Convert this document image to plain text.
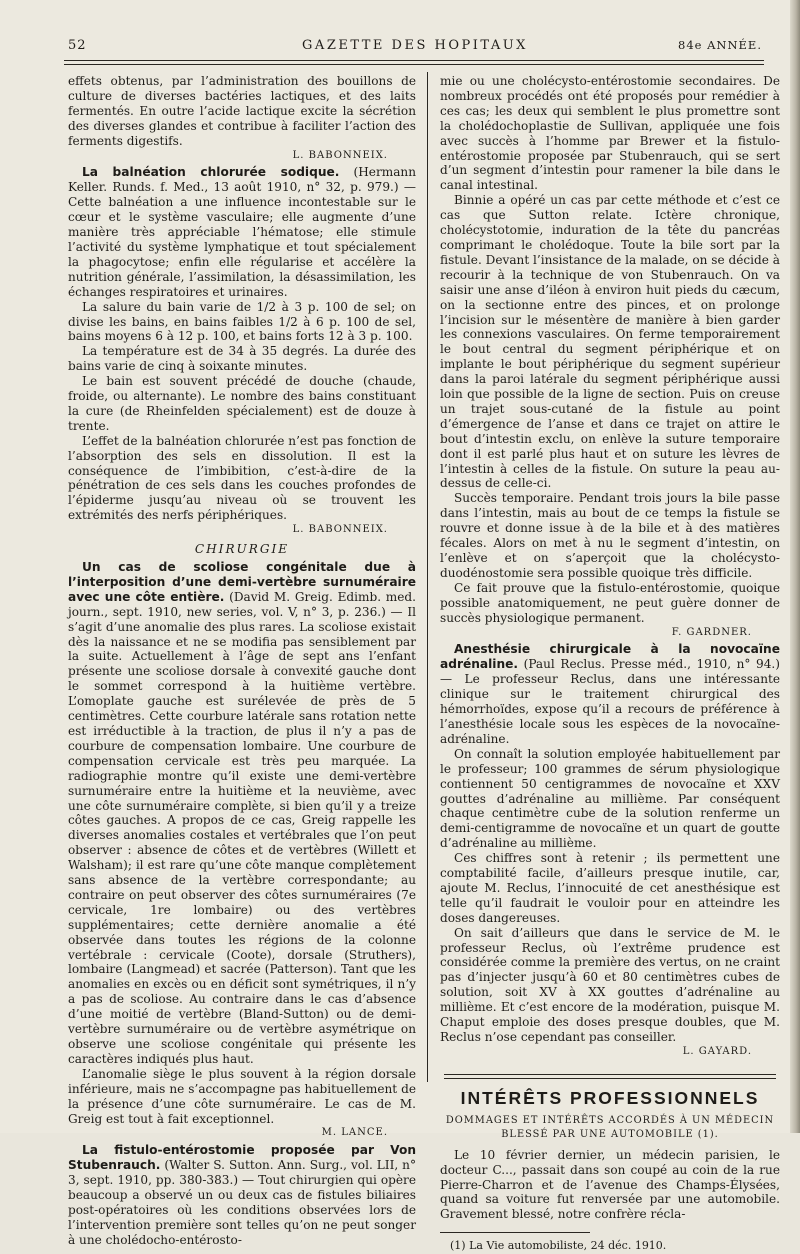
52	GAZETTE DES HOPITAUX	84e ANNÉE.

effets obtenus, par l’administration des bouillons de culture de diverses bactéries lactiques, et des laits fermentés. En outre l’acide lactique excite la sécrétion des diverses glandes et contribue à faciliter l’action des ferments digestifs.

L. BABONNEIX.

La balnéation chlorurée sodique. (Hermann Keller. Runds. f. Med., 13 août 1910, n° 32, p. 979.) — Cette balnéation a une influence incontestable sur le cœur et le système vasculaire; elle augmente d’une manière très appréciable l’hématose; elle stimule l’activité du système lymphatique et tout spécialement la phagocytose; enfin elle régularise et accélère la nutrition générale, l’assimilation, la désassimilation, les échanges respiratoires et urinaires.

La salure du bain varie de 1/2 à 3 p. 100 de sel; on divise les bains, en bains faibles 1/2 à 6 p. 100 de sel, bains moyens 6 à 12 p. 100, et bains forts 12 à 3 p. 100.

La température est de 34 à 35 degrés. La durée des bains varie de cinq à soixante minutes.

Le bain est souvent précédé de douche (chaude, froide, ou alternante). Le nombre des bains constituant la cure (de Rheinfelden spécialement) est de douze à trente.

L’effet de la balnéation chlorurée n’est pas fonction de l’absorption des sels en dissolution. Il est la conséquence de l’imbibition, c’est-à-dire de la pénétration de ces sels dans les couches profondes de l’épiderme jusqu’au niveau où se trouvent les extrémités des nerfs périphériques.

L. BABONNEIX.
CHIRURGIE

Un cas de scoliose congénitale due à l’interposition d’une demi-vertèbre surnuméraire avec une côte entière. (David M. Greig. Edimb. med. journ., sept. 1910, new series, vol. V, n° 3, p. 236.) — Il s’agit d’une anomalie des plus rares. La scoliose existait dès la naissance et ne se modifia pas sensiblement par la suite. Actuellement à l’âge de sept ans l’enfant présente une scoliose dorsale à convexité gauche dont le sommet correspond à la huitième vertèbre. L’omoplate gauche est surélevée de près de 5 centimètres. Cette courbure latérale sans rotation nette est irréductible à la traction, de plus il n’y a pas de courbure de compensation lombaire. Une courbure de compensation cervicale est très peu marquée. La radiographie montre qu’il existe une demi-vertèbre surnuméraire entre la huitième et la neuvième, avec une côte surnuméraire complète, si bien qu’il y a treize côtes gauches. A propos de ce cas, Greig rappelle les diverses anomalies costales et vertébrales que l’on peut observer : absence de côtes et de vertèbres (Willett et Walsham); il est rare qu’une côte manque complètement sans absence de la vertèbre correspondante; au contraire on peut observer des côtes surnuméraires (7e cervicale, 1re lombaire) ou des vertèbres supplémentaires; cette dernière anomalie a été observée dans toutes les régions de la colonne vertébrale : cervicale (Coote), dorsale (Struthers), lombaire (Langmead) et sacrée (Patterson). Tant que les anomalies en excès ou en déficit sont symétriques, il n’y a pas de scoliose. Au contraire dans le cas d’absence d’une moitié de vertèbre (Bland-Sutton) ou de demi-vertèbre surnuméraire ou de vertèbre asymétrique on observe une scoliose congénitale qui présente les caractères indiqués plus haut.

L’anomalie siège le plus souvent à la région dorsale inférieure, mais ne s’accompagne pas habituellement de la présence d’une côte surnuméraire. Le cas de M. Greig est tout à fait exceptionnel.

M. LANCE.

La fistulo-entérostomie proposée par Von Stubenrauch. (Walter S. Sutton. Ann. Surg., vol. LII, n° 3, sept. 1910, pp. 380-383.) — Tout chirurgien qui opère beaucoup a observé un ou deux cas de fistules biliaires post-opératoires où les conditions observées lors de l’intervention première sont telles qu’on ne peut songer à une cholédocho-entérosto-

mie ou une cholécysto-entérostomie secondaires. De nombreux procédés ont été proposés pour remédier à ces cas; les deux qui semblent le plus promettre sont la cholédochoplastie de Sullivan, appliquée une fois avec succès à l’homme par Brewer et la fistulo-entérostomie proposée par Stubenrauch, qui se sert d’un segment d’intestin pour ramener la bile dans le canal intestinal.

Binnie a opéré un cas par cette méthode et c’est ce cas que Sutton relate. Ictère chronique, cholécystotomie, induration de la tête du pancréas comprimant le cholédoque. Toute la bile sort par la fistule. Devant l’insistance de la malade, on se décide à recourir à la technique de von Stubenrauch. On va saisir une anse d’iléon à environ huit pieds du cæcum, on la sectionne entre des pinces, et on prolonge l’incision sur le mésentère de manière à bien garder les connexions vasculaires. On ferme temporairement le bout central du segment périphérique et on implante le bout périphérique du segment supérieur dans la paroi latérale du segment périphérique aussi loin que possible de la ligne de section. Puis on creuse un trajet sous-cutané de la fistule au point d’émergence de l’anse et dans ce trajet on attire le bout d’intestin exclu, on enlève la suture temporaire dont il est parlé plus haut et on suture les lèvres de l’intestin à celles de la fistule. On suture la peau au-dessus de celle-ci.

Succès temporaire. Pendant trois jours la bile passe dans l’intestin, mais au bout de ce temps la fistule se rouvre et donne issue à de la bile et à des matières fécales. Alors on met à nu le segment d’intestin, on l’enlève et on s’aperçoit que la cholécysto-duodénostomie sera possible quoique très difficile.

Ce fait prouve que la fistulo-entérostomie, quoique possible anatomiquement, ne peut guère donner de succès physiologique permanent.

F. GARDNER.

Anesthésie chirurgicale à la novocaïne adrénaline. (Paul Reclus. Presse méd., 1910, n° 94.) — Le professeur Reclus, dans une intéressante clinique sur le traitement chirurgical des hémorrhoïdes, expose qu’il a recours de préférence à l’anesthésie locale sous les espèces de la novocaïne-adrénaline.

On connaît la solution employée habituellement par le professeur; 100 grammes de sérum physiologique contiennent 50 centigrammes de novocaïne et XXV gouttes d’adrénaline au millième. Par conséquent chaque centimètre cube de la solution renferme un demi-centigramme de novocaïne et un quart de goutte d’adrénaline au millième.

Ces chiffres sont à retenir ; ils permettent une comptabilité facile, d’ailleurs presque inutile, car, ajoute M. Reclus, l’innocuité de cet anesthésique est telle qu’il faudrait le vouloir pour en atteindre les doses dangereuses.

On sait d’ailleurs que dans le service de M. le professeur Reclus, où l’extrême prudence est considérée comme la première des vertus, on ne craint pas d’injecter jusqu’à 60 et 80 centimètres cubes de solution, soit XV à XX gouttes d’adrénaline au millième. Et c’est encore de la modération, puisque M. Chaput emploie des doses presque doubles, que M. Reclus n’ose cependant pas conseiller.

L. GAYARD.
INTÉRÊTS PROFESSIONNELS
DOMMAGES ET INTÉRÊTS ACCORDÉS À UN MÉDECIN
BLESSÉ PAR UNE AUTOMOBILE (1).

Le 10 février dernier, un médecin parisien, le docteur C..., passait dans son coupé au coin de la rue Pierre-Charron et de l’avenue des Champs-Élysées, quand sa voiture fut renversée par une automobile. Gravement blessé, notre confrère récla-

(1) La Vie automobiliste, 24 déc. 1910.
